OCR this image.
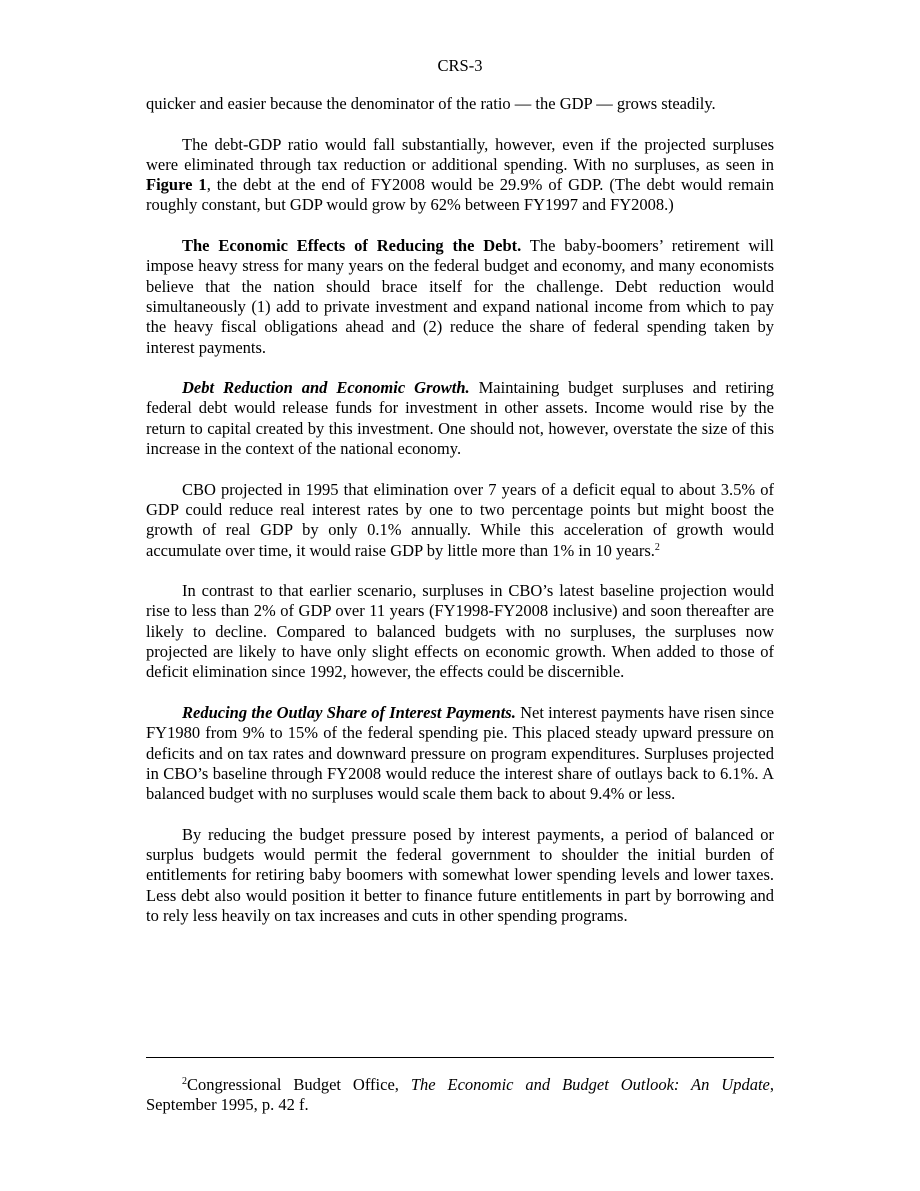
CRS-3

quicker and easier because the denominator of the ratio — the GDP — grows steadily.

The debt-GDP ratio would fall substantially, however, even if the projected surpluses were eliminated through tax reduction or additional spending. With no surpluses, as seen in Figure 1, the debt at the end of FY2008 would be 29.9% of GDP. (The debt would remain roughly constant, but GDP would grow by 62% between FY1997 and FY2008.)

The Economic Effects of Reducing the Debt. The baby-boomers’ retirement will impose heavy stress for many years on the federal budget and economy, and many economists believe that the nation should brace itself for the challenge. Debt reduction would simultaneously (1) add to private investment and expand national income from which to pay the heavy fiscal obligations ahead and (2) reduce the share of federal spending taken by interest payments.

Debt Reduction and Economic Growth. Maintaining budget surpluses and retiring federal debt would release funds for investment in other assets. Income would rise by the return to capital created by this investment. One should not, however, overstate the size of this increase in the context of the national economy.

CBO projected in 1995 that elimination over 7 years of a deficit equal to about 3.5% of GDP could reduce real interest rates by one to two percentage points but might boost the growth of real GDP by only 0.1% annually. While this acceleration of growth would accumulate over time, it would raise GDP by little more than 1% in 10 years.$^2$

In contrast to that earlier scenario, surpluses in CBO’s latest baseline projection would rise to less than 2% of GDP over 11 years (FY1998-FY2008 inclusive) and soon thereafter are likely to decline. Compared to balanced budgets with no surpluses, the surpluses now projected are likely to have only slight effects on economic growth. When added to those of deficit elimination since 1992, however, the effects could be discernible.

Reducing the Outlay Share of Interest Payments. Net interest payments have risen since FY1980 from 9% to 15% of the federal spending pie. This placed steady upward pressure on deficits and on tax rates and downward pressure on program expenditures. Surpluses projected in CBO’s baseline through FY2008 would reduce the interest share of outlays back to 6.1%. A balanced budget with no surpluses would scale them back to about 9.4% or less.

By reducing the budget pressure posed by interest payments, a period of balanced or surplus budgets would permit the federal government to shoulder the initial burden of entitlements for retiring baby boomers with somewhat lower spending levels and lower taxes. Less debt also would position it better to finance future entitlements in part by borrowing and to rely less heavily on tax increases and cuts in other spending programs.

$^2$Congressional Budget Office, The Economic and Budget Outlook: An Update, September 1995, p. 42 f.
